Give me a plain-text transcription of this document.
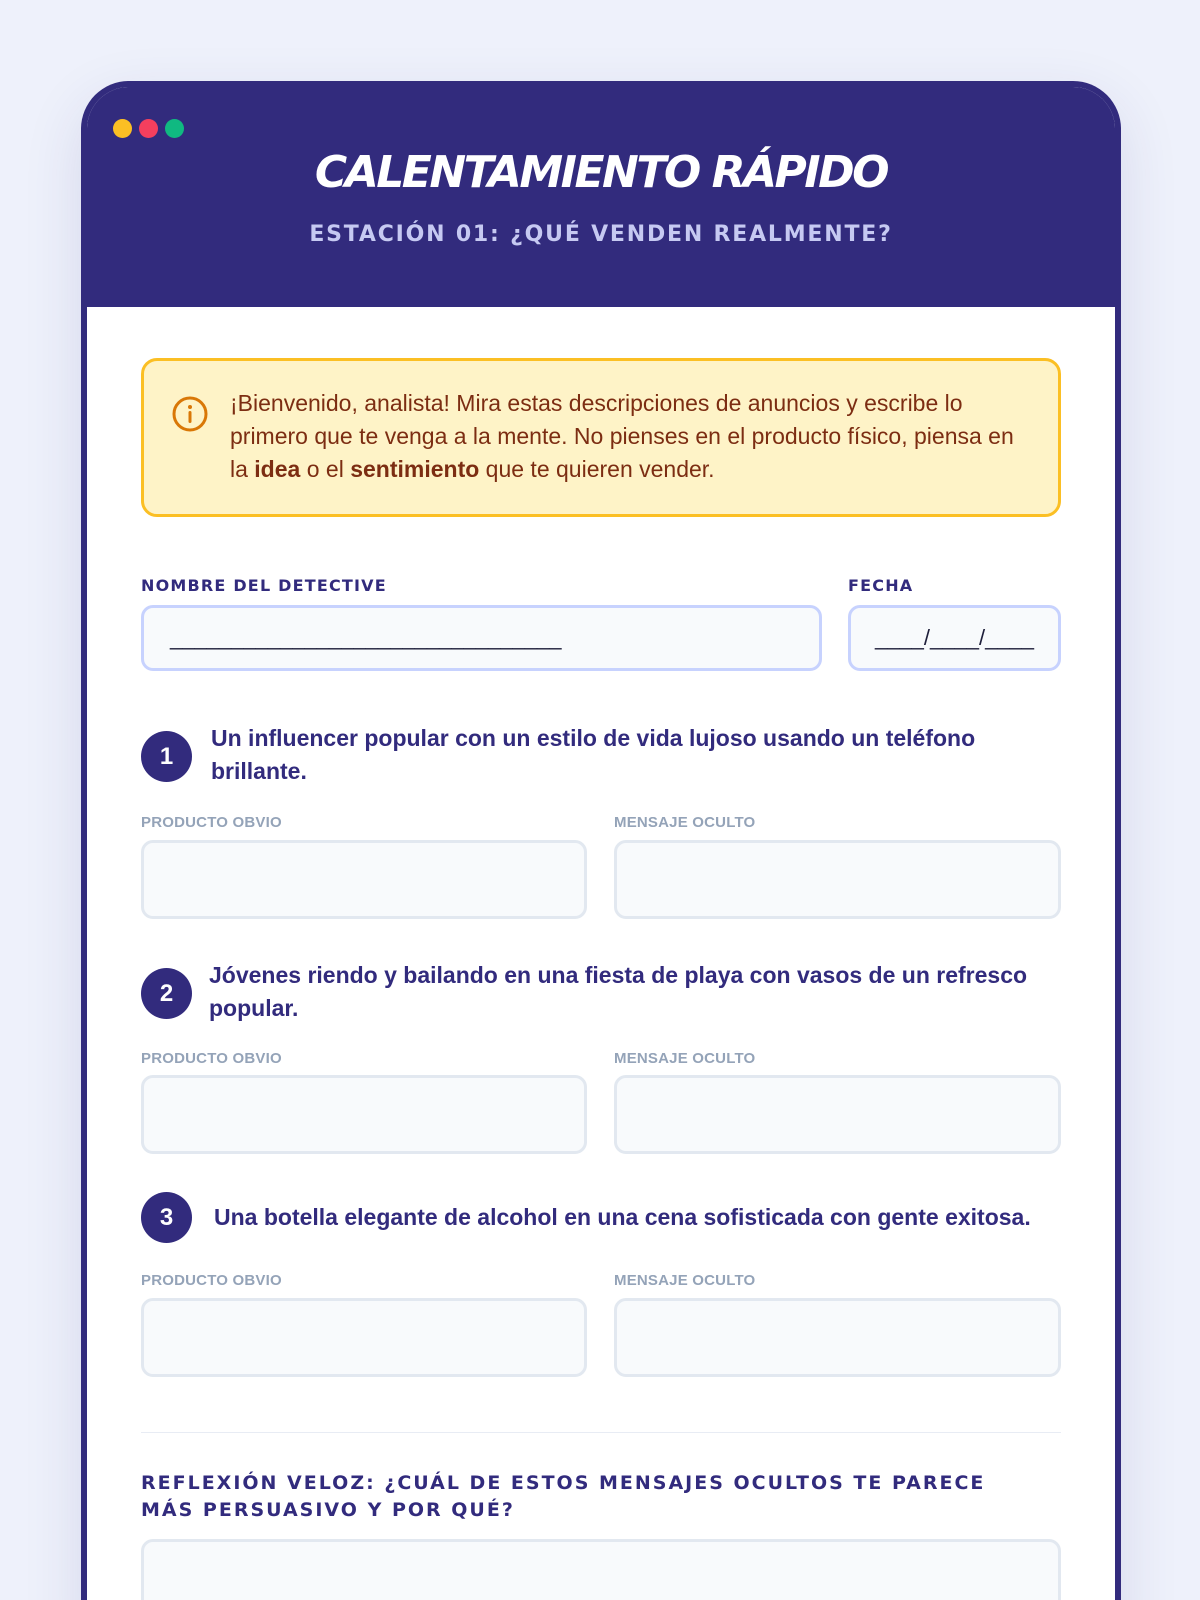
CALENTAMIENTO RÁPIDO
ESTACIÓN 01: ¿QUÉ VENDEN REALMENTE?
¡Bienvenido, analista! Mira estas descripciones de anuncios y escribe lo primero que te venga a la mente. No pienses en el producto físico, piensa en la idea o el sentimiento que te quieren vender.
NOMBRE DEL DETECTIVE
________________________________
FECHA
____/____/____
1
Un influencer popular con un estilo de vida lujoso usando un teléfono brillante.
PRODUCTO OBVIO	MENSAJE OCULTO
2
Jóvenes riendo y bailando en una fiesta de playa con vasos de un refresco popular.
PRODUCTO OBVIO	MENSAJE OCULTO
3	Una botella elegante de alcohol en una cena sofisticada con gente exitosa.
PRODUCTO OBVIO	MENSAJE OCULTO
REFLEXIÓN VELOZ: ¿CUÁL DE ESTOS MENSAJES OCULTOS TE PARECE MÁS PERSUASIVO Y POR QUÉ?
